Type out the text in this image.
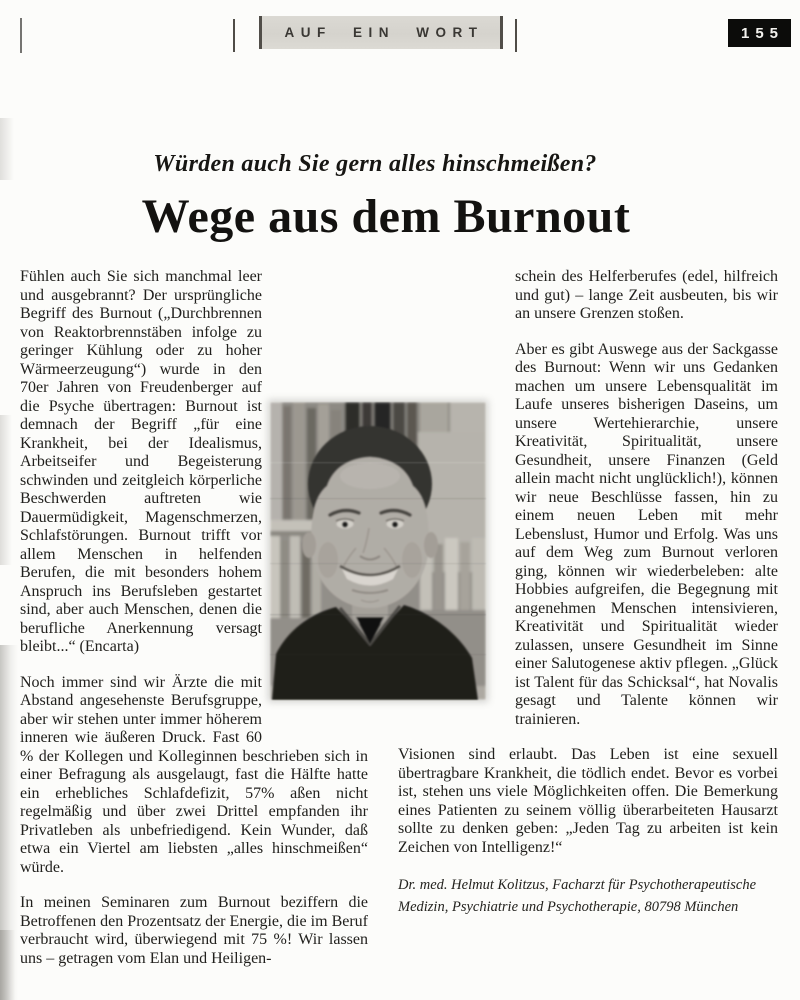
AUF EIN WORT	155
Würden auch Sie gern alles hinschmeißen?
Wege aus dem Burnout

Fühlen auch Sie sich manchmal leer und ausgebrannt? Der ursprüngliche Begriff des Burnout („Durchbrennen von Reaktorbrennstäben infolge zu geringer Kühlung oder zu hoher Wärmeerzeugung“) wurde in den 70er Jahren von Freudenberger auf die Psyche übertragen: Burnout ist demnach der Begriff „für eine Krankheit, bei der Idealismus, Arbeitseifer und Begeisterung schwinden und zeitgleich körperliche Beschwerden auftreten wie Dauermüdigkeit, Magenschmerzen, Schlafstörungen. Burnout trifft vor allem Menschen in helfenden Berufen, die mit besonders hohem Anspruch ins Berufsleben gestartet sind, aber auch Menschen, denen die berufliche Anerkennung versagt bleibt...“ (Encarta)

Noch immer sind wir Ärzte die mit Abstand angesehenste Berufsgruppe, aber wir stehen unter immer höherem inneren wie äußeren Druck. Fast 60 % der Kollegen und Kolleginnen beschrieben sich in einer Befragung als ausgelaugt, fast die Hälfte hatte ein erhebliches Schlafdefizit, 57% aßen nicht regelmäßig und über zwei Drittel empfanden ihr Privatleben als unbefriedigend. Kein Wunder, daß etwa ein Viertel am liebsten „alles hinschmeißen“ würde.

In meinen Seminaren zum Burnout beziffern die Betroffenen den Prozentsatz der Energie, die im Beruf verbraucht wird, überwiegend mit 75 %! Wir lassen uns – getragen vom Elan und Heiligen-

schein des Helferberufes (edel, hilfreich und gut) – lange Zeit ausbeuten, bis wir an unsere Grenzen stoßen.

Aber es gibt Auswege aus der Sackgasse des Burnout: Wenn wir uns Gedanken machen um unsere Lebensqualität im Laufe unseres bisherigen Daseins, um unsere Wertehierarchie, unsere Kreativität, Spiritualität, unsere Gesundheit, unsere Finanzen (Geld allein macht nicht unglücklich!), können wir neue Beschlüsse fassen, hin zu einem neuen Leben mit mehr Lebenslust, Humor und Erfolg. Was uns auf dem Weg zum Burnout verloren ging, können wir wiederbeleben: alte Hobbies aufgreifen, die Begegnung mit angenehmen Menschen intensivieren, Kreativität und Spiritualität wieder zulassen, unsere Gesundheit im Sinne einer Salutogenese aktiv pflegen. „Glück ist Talent für das Schicksal“, hat Novalis gesagt und Talente können wir trainieren.

Visionen sind erlaubt. Das Leben ist eine sexuell übertragbare Krankheit, die tödlich endet. Bevor es vorbei ist, stehen uns viele Möglichkeiten offen. Die Bemerkung eines Patienten zu seinem völlig überarbeiteten Hausarzt sollte zu denken geben: „Jeden Tag zu arbeiten ist kein Zeichen von Intelligenz!“

Dr. med. Helmut Kolitzus, Facharzt für Psychotherapeutische
Medizin, Psychiatrie und Psychotherapie, 80798 München
